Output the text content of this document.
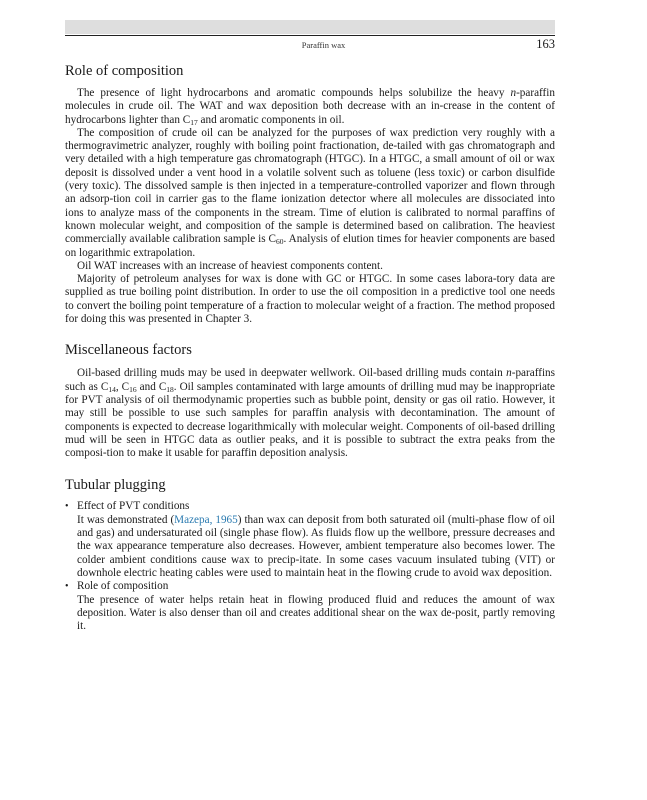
Paraffin wax	163
Role of composition

The presence of light hydrocarbons and aromatic compounds helps solubilize the heavy n-paraffin molecules in crude oil. The WAT and wax deposition both decrease with an in-crease in the content of hydrocarbons lighter than $C_{17}$ and aromatic components in oil.

The composition of crude oil can be analyzed for the purposes of wax prediction very roughly with a thermogravimetric analyzer, roughly with boiling point fractionation, de-tailed with gas chromatograph and very detailed with a high temperature gas chromatograph (HTGC). In a HTGC, a small amount of oil or wax deposit is dissolved under a vent hood in a volatile solvent such as toluene (less toxic) or carbon disulfide (very toxic). The dissolved sample is then injected in a temperature-controlled vaporizer and flown through an adsorp-tion coil in carrier gas to the flame ionization detector where all molecules are dissociated into ions to analyze mass of the components in the stream. Time of elution is calibrated to normal paraffins of known molecular weight, and composition of the sample is determined based on calibration. The heaviest commercially available calibration sample is $C_{60}$. Analysis of elution times for heavier components are based on logarithmic extrapolation.

Oil WAT increases with an increase of heaviest components content.

Majority of petroleum analyses for wax is done with GC or HTGC. In some cases labora-tory data are supplied as true boiling point distribution. In order to use the oil composition in a predictive tool one needs to convert the boiling point temperature of a fraction to molecular weight of a fraction. The method proposed for doing this was presented in Chapter 3.

Miscellaneous factors

Oil-based drilling muds may be used in deepwater wellwork. Oil-based drilling muds contain n-paraffins such as $C_{14}$, $C_{16}$ and $C_{18}$. Oil samples contaminated with large amounts of drilling mud may be inappropriate for PVT analysis of oil thermodynamic properties such as bubble point, density or gas oil ratio. However, it may still be possible to use such samples for paraffin analysis with decontamination. The amount of components is expected to decrease logarithmically with molecular weight. Components of oil-based drilling mud will be seen in HTGC data as outlier peaks, and it is possible to subtract the extra peaks from the composi-tion to make it usable for paraffin deposition analysis.

Tubular plugging
• Effect of PVT conditions

It was demonstrated (Mazepa, 1965) than wax can deposit from both saturated oil (multi-phase flow of oil and gas) and undersaturated oil (single phase flow). As fluids flow up the wellbore, pressure decreases and the wax appearance temperature also decreases. However, ambient temperature also becomes lower. The colder ambient conditions cause wax to precip-itate. In some cases vacuum insulated tubing (VIT) or downhole electric heating cables were used to maintain heat in the flowing crude to avoid wax deposition.

• Role of composition

The presence of water helps retain heat in flowing produced fluid and reduces the amount of wax deposition. Water is also denser than oil and creates additional shear on the wax de-posit, partly removing it.
